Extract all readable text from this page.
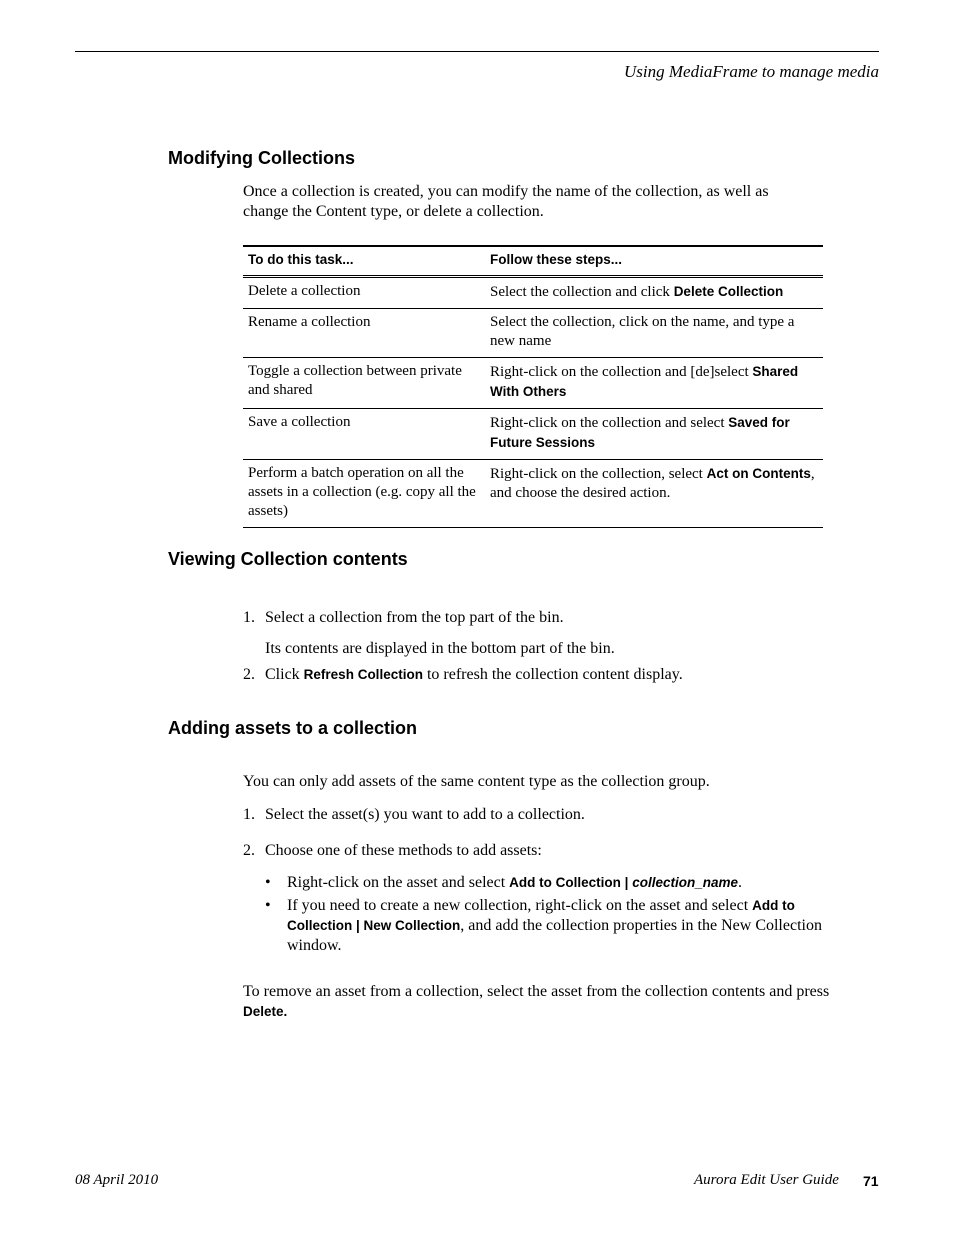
Using MediaFrame to manage media
Modifying Collections
Once a collection is created, you can modify the name of the collection, as well as
change the Content type, or delete a collection.
To do this task...	Follow these steps...
Delete a collection	Select the collection and click Delete Collection
Rename a collection	Select the collection, click on the name, and type a new name
Toggle a collection between private and shared	Right-click on the collection and [de]select Shared With Others
Save a collection	Right-click on the collection and select Saved for Future Sessions
Perform a batch operation on all the assets in a collection (e.g. copy all the assets)	Right-click on the collection, select Act on Contents, and choose the desired action.
Viewing Collection contents
1. Select a collection from the top part of the bin.
Its contents are displayed in the bottom part of the bin.
2. Click Refresh Collection to refresh the collection content display.
Adding assets to a collection
You can only add assets of the same content type as the collection group.
1. Select the asset(s) you want to add to a collection.
2. Choose one of these methods to add assets:
• Right-click on the asset and select Add to Collection | collection_name.
• If you need to create a new collection, right-click on the asset and select Add to Collection | New Collection, and add the collection properties in the New Collection window.
To remove an asset from a collection, select the asset from the collection contents and press Delete.
08 April 2010	Aurora Edit User Guide 71
